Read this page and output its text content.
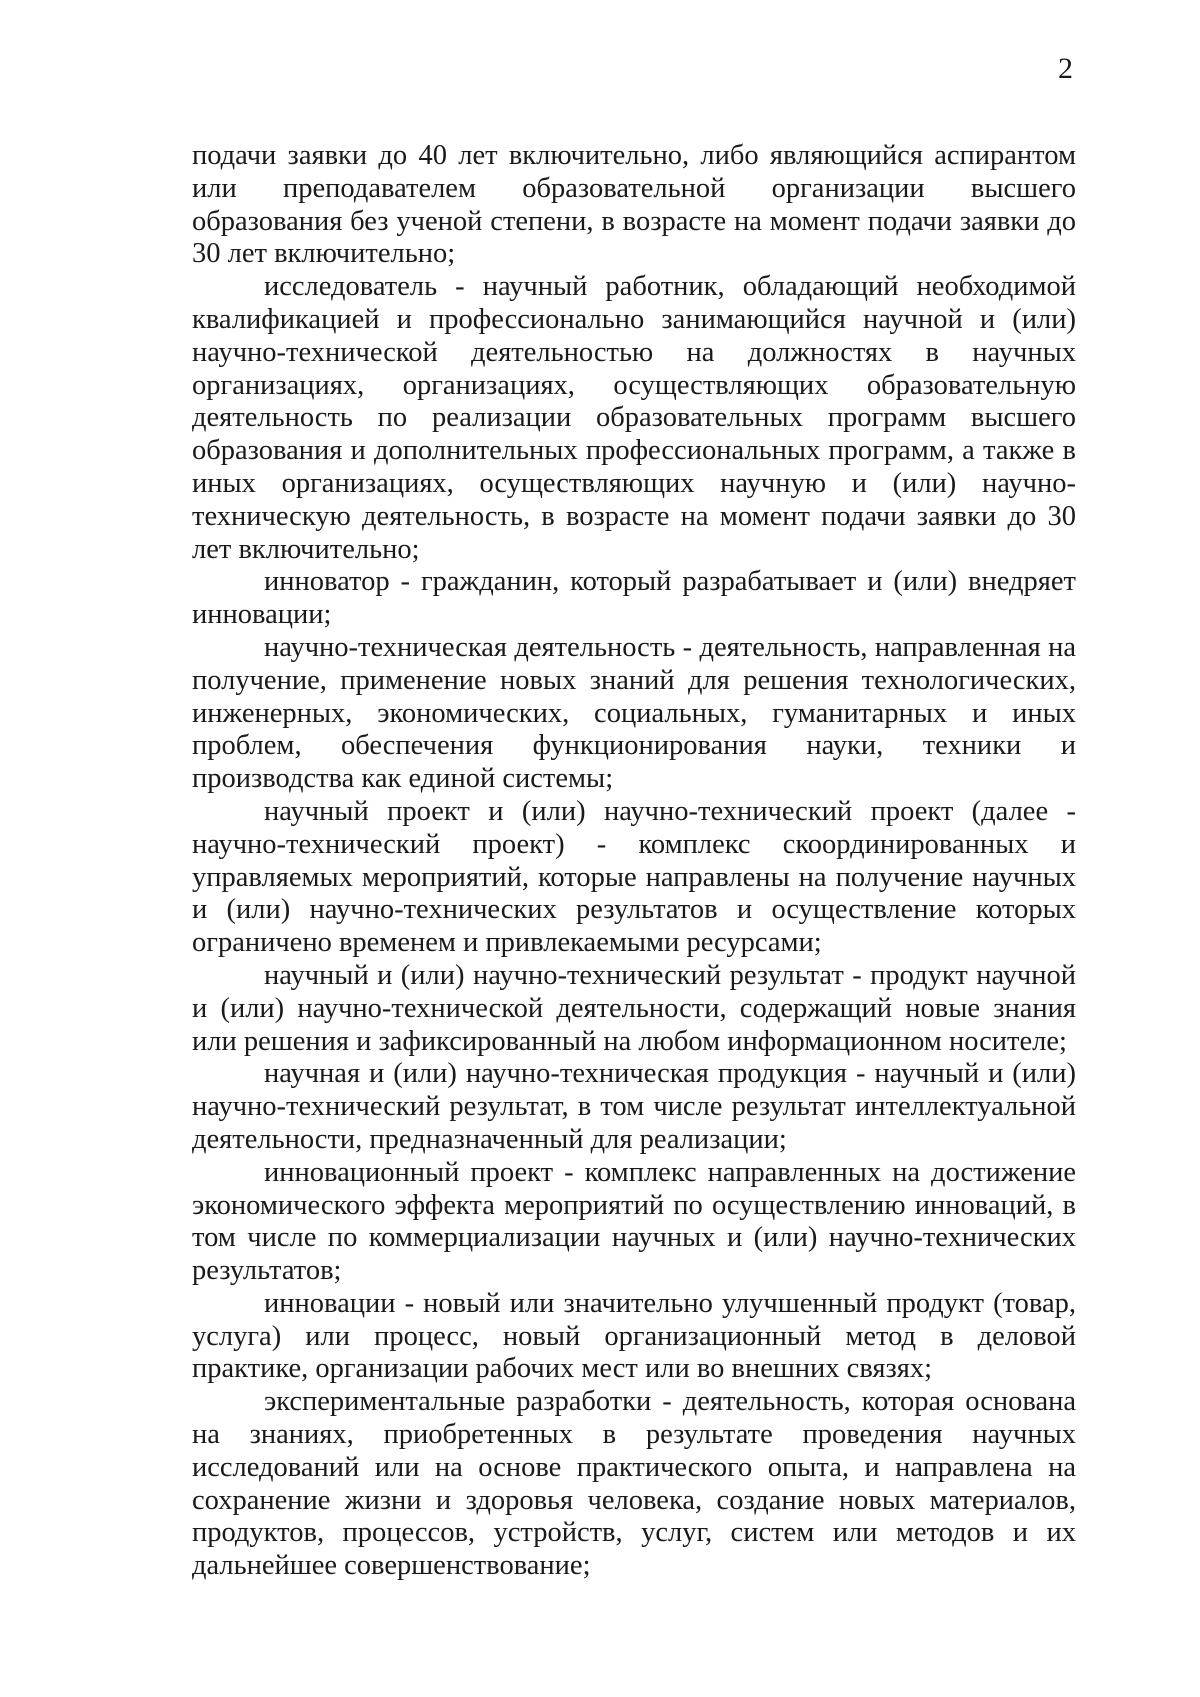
2

подачи заявки до 40 лет включительно, либо являющийся аспирантом или преподавателем образовательной организации высшего образования без ученой степени, в возрасте на момент подачи заявки до 30 лет включительно;

исследователь - научный работник, обладающий необходимой квалификацией и профессионально занимающийся научной и (или) научно-технической деятельностью на должностях в научных организациях, организациях, осуществляющих образовательную деятельность по реализации образовательных программ высшего образования и дополнительных профессиональных программ, а также в иных организациях, осуществляющих научную и (или) научно-техническую деятельность, в возрасте на момент подачи заявки до 30 лет включительно;

инноватор - гражданин, который разрабатывает и (или) внедряет инновации;

научно-техническая деятельность - деятельность, направленная на получение, применение новых знаний для решения технологических, инженерных, экономических, социальных, гуманитарных и иных проблем, обеспечения функционирования науки, техники и производства как единой системы;

научный проект и (или) научно-технический проект (далее - научно-технический проект) - комплекс скоординированных и управляемых мероприятий, которые направлены на получение научных и (или) научно-технических результатов и осуществление которых ограничено временем и привлекаемыми ресурсами;

научный и (или) научно-технический результат - продукт научной и (или) научно-технической деятельности, содержащий новые знания или решения и зафиксированный на любом информационном носителе;

научная и (или) научно-техническая продукция - научный и (или) научно-технический результат, в том числе результат интеллектуальной деятельности, предназначенный для реализации;

инновационный проект - комплекс направленных на достижение экономического эффекта мероприятий по осуществлению инноваций, в том числе по коммерциализации научных и (или) научно-технических результатов;

инновации - новый или значительно улучшенный продукт (товар, услуга) или процесс, новый организационный метод в деловой практике, организации рабочих мест или во внешних связях;

экспериментальные разработки - деятельность, которая основана на знаниях, приобретенных в результате проведения научных исследований или на основе практического опыта, и направлена на сохранение жизни и здоровья человека, создание новых материалов, продуктов, процессов, устройств, услуг, систем или методов и их дальнейшее совершенствование;
